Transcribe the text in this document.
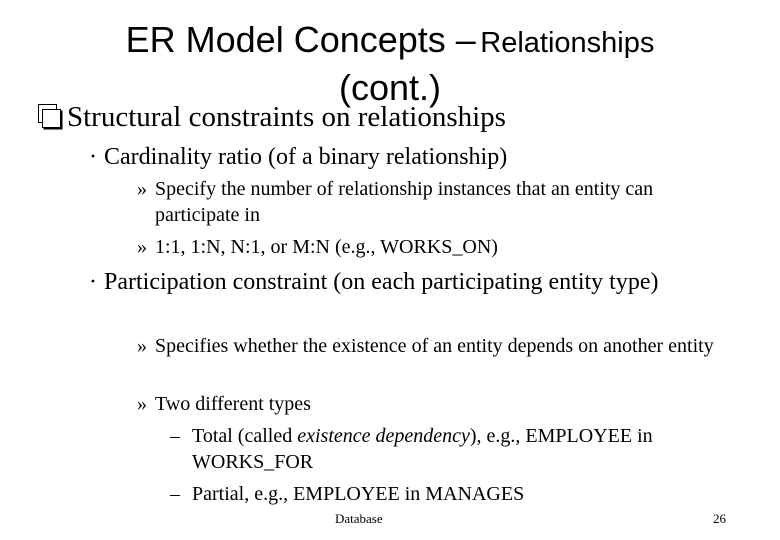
ER Model Concepts – Relationships
(cont.)
Structural constraints on relationships
· Cardinality ratio (of a binary relationship)
» Specify the number of relationship instances that an entity can participate in
» 1:1, 1:N, N:1, or M:N (e.g., WORKS_ON)
· Participation constraint (on each participating entity type)
» Specifies whether the existence of an entity depends on another entity
» Two different types
– Total (called existence dependency), e.g., EMPLOYEE in WORKS_FOR
– Partial, e.g., EMPLOYEE in MANAGES
Database	26
